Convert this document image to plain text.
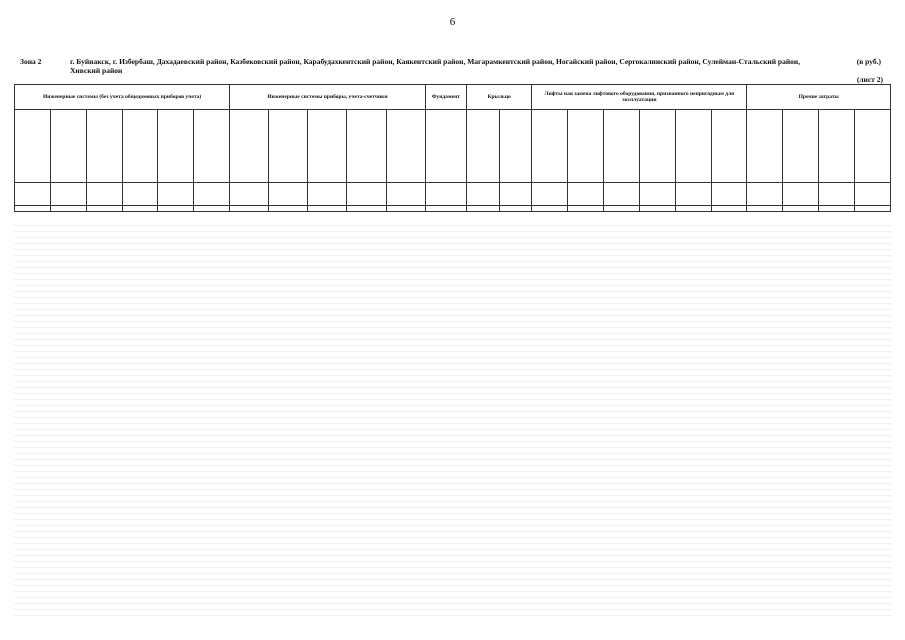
6
Зона 2	г. Буйнакск, г. Избербаш, Дахадаевский район, Казбековский район, Карабудахкентский район, Каякентский район, Магарамкентский район, Ногайский район, Сергокалинский район, Сулейман-Стальский район, Хивский район
(в руб.)
(лист 2)
Инженерные системы (без учета общедомовых приборов учета)						Инженерные системы приборы, учета-счетчики					Фундамент	Крыльцо		Лифты ная замена лифтового оборудования, признанного непригодным для эксплуатации						Прочие затраты			
